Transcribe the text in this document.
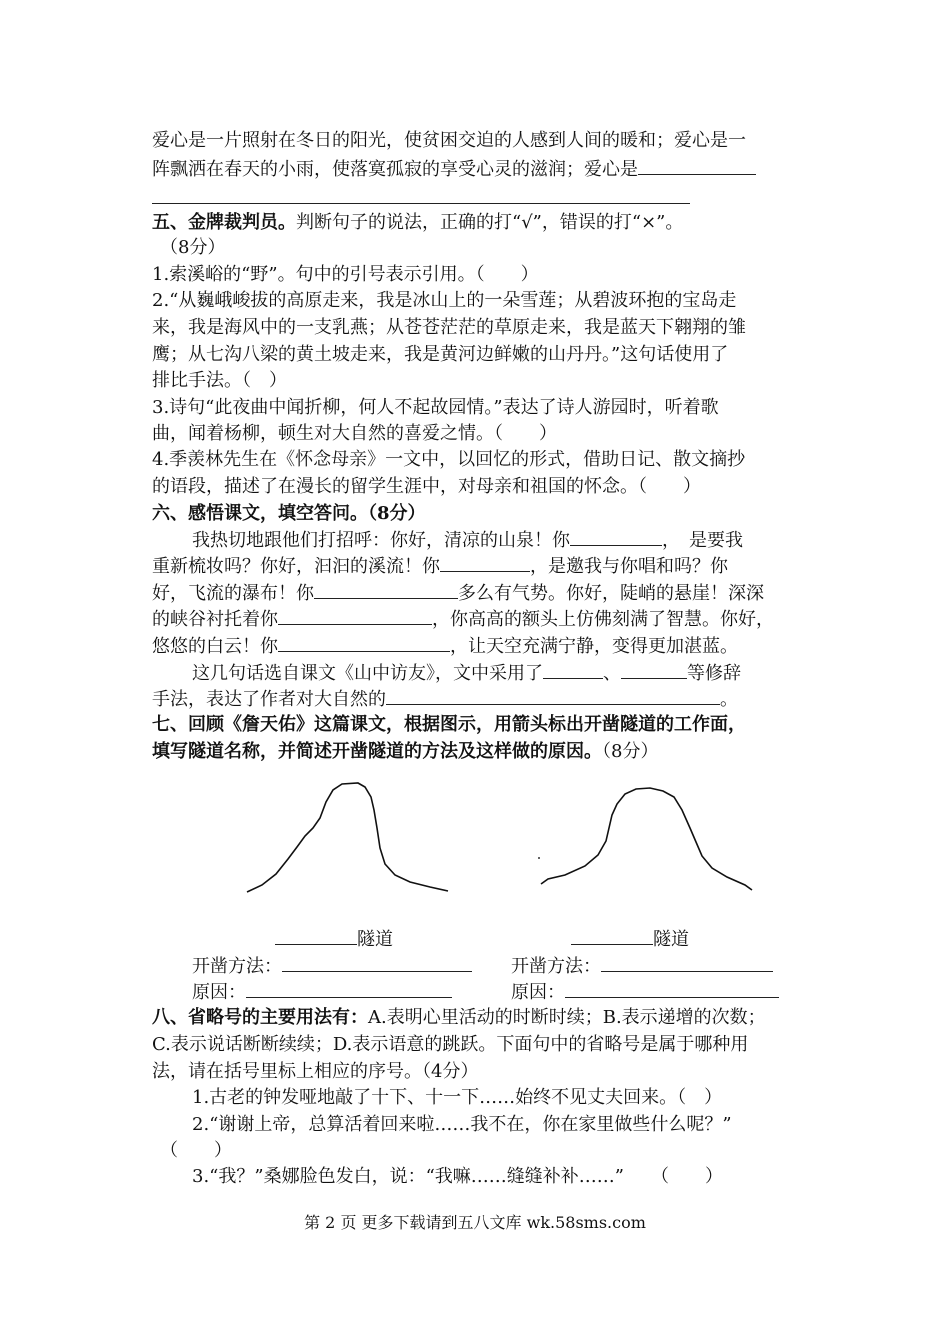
爱心是一片照射在冬日的阳光，使贫困交迫的人感到人间的暖和；爱心是一
阵飘洒在春天的小雨，使落寞孤寂的享受心灵的滋润；爱心是
五、金牌裁判员。判断句子的说法，正确的打“√”，错误的打“×”。
（8分）
1.索溪峪的“野”。句中的引号表示引用。（　　）
2.“从巍峨峻拔的高原走来，我是冰山上的一朵雪莲；从碧波环抱的宝岛走
来，我是海风中的一支乳燕；从苍苍茫茫的草原走来，我是蓝天下翱翔的雏
鹰；从七沟八梁的黄土坡走来，我是黄河边鲜嫩的山丹丹。”这句话使用了
排比手法。（　）
3.诗句“此夜曲中闻折柳，何人不起故园情。”表达了诗人游园时，听着歌
曲，闻着杨柳，顿生对大自然的喜爱之情。（　　）
4.季羡林先生在《怀念母亲》一文中，以回忆的形式，借助日记、散文摘抄
的语段，描述了在漫长的留学生涯中，对母亲和祖国的怀念。（　　）
六、感悟课文，填空答问。（8分）
我热切地跟他们打招呼：你好，清凉的山泉！你	，　是要我
重新梳妆吗？你好，汩汩的溪流！你	，是邀我与你唱和吗？你
好，飞流的瀑布！你	多么有气势。你好，陡峭的悬崖！深深
的峡谷衬托着你	，你高高的额头上仿佛刻满了智慧。你好，
悠悠的白云！你	，让天空充满宁静，变得更加湛蓝。
这几句话选自课文《山中访友》，文中采用了	、	等修辞
手法，表达了作者对大自然的	。
七、回顾《詹天佑》这篇课文，根据图示，用箭头标出开凿隧道的工作面，
填写隧道名称，并简述开凿隧道的方法及这样做的原因。（8分）
隧道	隧道
开凿方法：	开凿方法：
原因：	原因：
八、省略号的主要用法有：A.表明心里活动的时断时续；B.表示递增的次数；
C.表示说话断断续续；D.表示语意的跳跃。下面句中的省略号是属于哪种用
法，请在括号里标上相应的序号。（4分）
1.古老的钟发哑地敲了十下、十一下……始终不见丈夫回来。（　）
2.“谢谢上帝，总算活着回来啦……我不在，你在家里做些什么呢？”
（　　）
3.“我？”桑娜脸色发白，说：“我嘛……缝缝补补……”　　（　　）
第 2 页 更多下载请到五八文库 wk.58sms.com
